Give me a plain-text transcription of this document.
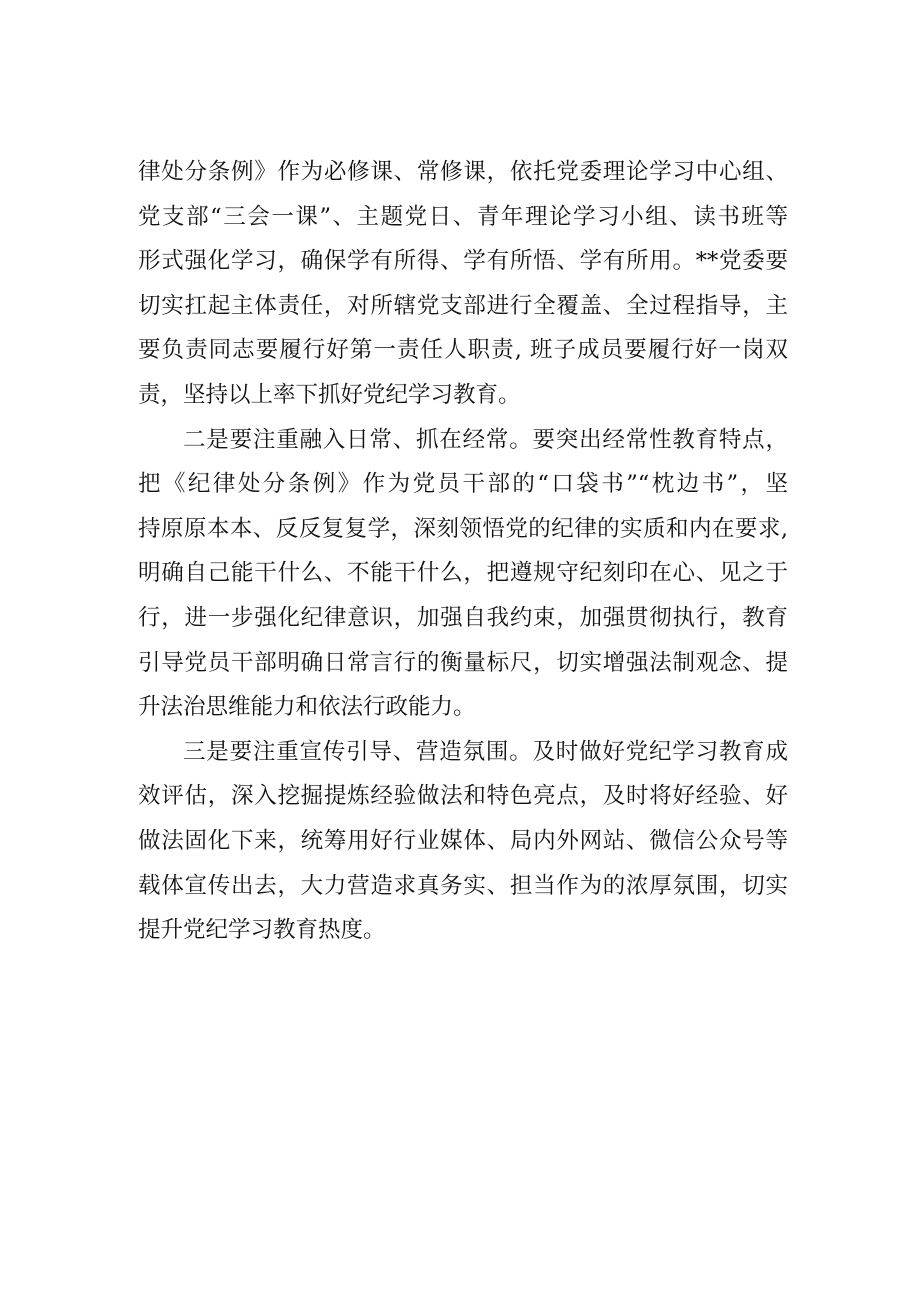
律处分条例》作为必修课、常修课，依托党委理论学习中心组、
党支部“三会一课”、主题党日、青年理论学习小组、读书班等
形式强化学习，确保学有所得、学有所悟、学有所用。**党委要
切实扛起主体责任，对所辖党支部进行全覆盖、全过程指导，主
要负责同志要履行好第一责任人职责, 班子成员要履行好一岗双
责，坚持以上率下抓好党纪学习教育。
二是要注重融入日常、抓在经常。要突出经常性教育特点，
把《纪律处分条例》作为党员干部的“口袋书”“枕边书”，坚
持原原本本、反反复复学，深刻领悟党的纪律的实质和内在要求,
明确自己能干什么、不能干什么，把遵规守纪刻印在心、见之于
行，进一步强化纪律意识，加强自我约束，加强贯彻执行，教育
引导党员干部明确日常言行的衡量标尺，切实增强法制观念、提
升法治思维能力和依法行政能力。
三是要注重宣传引导、营造氛围。及时做好党纪学习教育成
效评估，深入挖掘提炼经验做法和特色亮点，及时将好经验、好
做法固化下来，统筹用好行业媒体、局内外网站、微信公众号等
载体宣传出去，大力营造求真务实、担当作为的浓厚氛围，切实
提升党纪学习教育热度。
